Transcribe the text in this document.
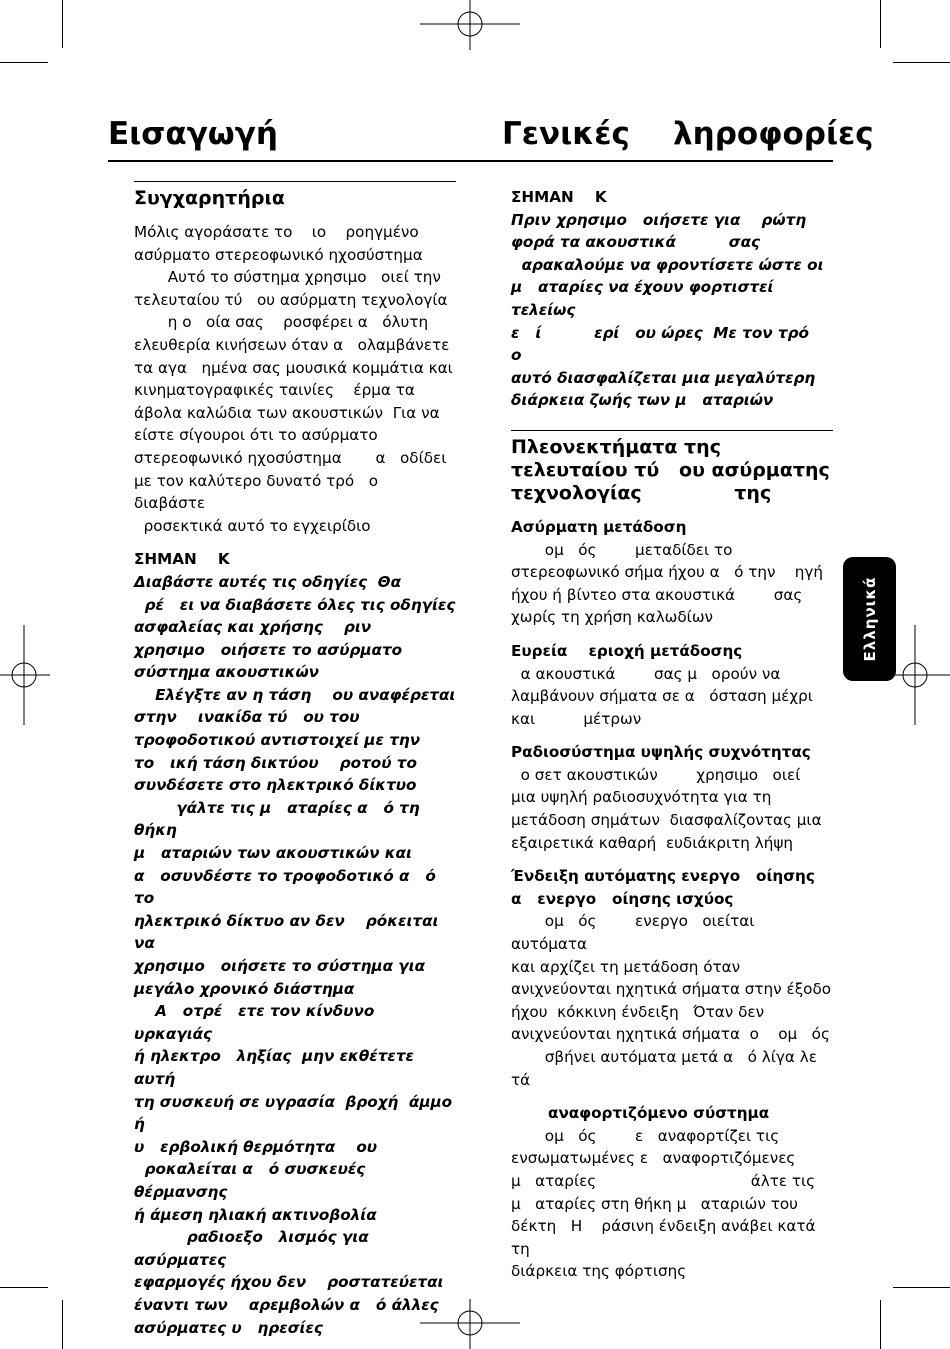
Εισαγωγή	Γενικές    ληροφορίες
Συγχαρητήρια

Μόλις αγοράσατε το    ιο    ροηγμένο
ασύρματο στερεοφωνικό ηχοσύστημα
Αυτό το σύστημα χρησιμο   οιεί την
τελευταίου τύ   ου ασύρματη τεχνολογία
η ο   οία σας    ροσφέρει α   όλυτη
ελευθερία κινήσεων όταν α   ολαμβάνετε
τα αγα   ημένα σας μουσικά κομμάτια και
κινηματογραφικές ταινίες    έρμα τα
άβολα καλώδια των ακουστικών  Για να
είστε σίγουροι ότι το ασύρματο
στερεοφωνικό ηχοσύστημα       α   οδίδει
με τον καλύτερο δυνατό τρό   ο  διαβάστε
ροσεκτικά αυτό το εγχειρίδιο

ΣΗΜΑΝ    Κ

Διαβάστε αυτές τις οδηγίες  Θα
ρέ   ει να διαβάσετε όλες τις οδηγίες
ασφαλείας και χρήσης    ριν
χρησιμο   οιήσετε το ασύρματο
σύστημα ακουστικών
Ελέγξτε αν η τάση    ου αναφέρεται
στην    ινακίδα τύ   ου του
τροφοδοτικού αντιστοιχεί με την
το   ική τάση δικτύου    ροτού το
συνδέσετε στο ηλεκτρικό δίκτυο
γάλτε τις μ   αταρίες α   ό τη θήκη
μ   αταριών των ακουστικών και
α   οσυνδέστε το τροφοδοτικό α   ό το
ηλεκτρικό δίκτυο αν δεν    ρόκειται να
χρησιμο   οιήσετε το σύστημα για
μεγάλο χρονικό διάστημα
Α   οτρέ   ετε τον κίνδυνο    υρκαγιάς
ή ηλεκτρο   ληξίας  μην εκθέτετε αυτή
τη συσκευή σε υγρασία  βροχή  άμμο ή
υ   ερβολική θερμότητα    ου
ροκαλείται α   ό συσκευές θέρμανσης
ή άμεση ηλιακή ακτινοβολία
ραδιοεξο   λισμός για ασύρματες
εφαρμογές ήχου δεν    ροστατεύεται
έναντι των    αρεμβολών α   ό άλλες
ασύρματες υ   ηρεσίες

ΣΗΜΑΝ    Κ

Πριν χρησιμο   οιήσετε για    ρώτη
φορά τα ακουστικά          σας
αρακαλούμε να φροντίσετε ώστε οι
μ   αταρίες να έχουν φορτιστεί τελείως
ε   ί          ερί   ου ώρες  Με τον τρό   ο
αυτό διασφαλίζεται μια μεγαλύτερη
διάρκεια ζωής των μ   αταριών

Πλεονεκτήματα της
τελευταίου τύ   ου ασύρματης
τεχνολογίας              της

Ασύρματη μετάδοση

ομ   ός        μεταδίδει το
στερεοφωνικό σήμα ήχου α   ό την    ηγή
ήχου ή βίντεο στα ακουστικά        σας
χωρίς τη χρήση καλωδίων

Ευρεία    εριοχή μετάδοσης

α ακουστικά        σας μ   ορούν να
λαμβάνουν σήματα σε α   όσταση μέχρι
και          μέτρων

Ραδιοσύστημα υψηλής συχνότητας

ο σετ ακουστικών        χρησιμο   οιεί
μια υψηλή ραδιοσυχνότητα για τη
μετάδοση σημάτων  διασφαλίζοντας μια
εξαιρετικά καθαρή  ευδιάκριτη λήψη

Ένδειξη αυτόματης ενεργο   οίησης
α   ενεργο   οίησης ισχύος

ομ   ός        ενεργο   οιείται αυτόματα
και αρχίζει τη μετάδοση όταν
ανιχνεύονται ηχητικά σήματα στην έξοδο
ήχου  κόκκινη ένδειξη   Όταν δεν
ανιχνεύονται ηχητικά σήματα  ο    ομ   ός
σβήνει αυτόματα μετά α   ό λίγα λε   τά

αναφορτιζόμενο σύστημα

ομ   ός        ε   αναφορτίζει τις
ενσωματωμένες ε   αναφορτιζόμενες
μ   αταρίες                                άλτε τις
μ   αταρίες στη θήκη μ   αταριών του
δέκτη   Η    ράσινη ένδειξη ανάβει κατά τη
διάρκεια της φόρτισης

Ελληνικά
